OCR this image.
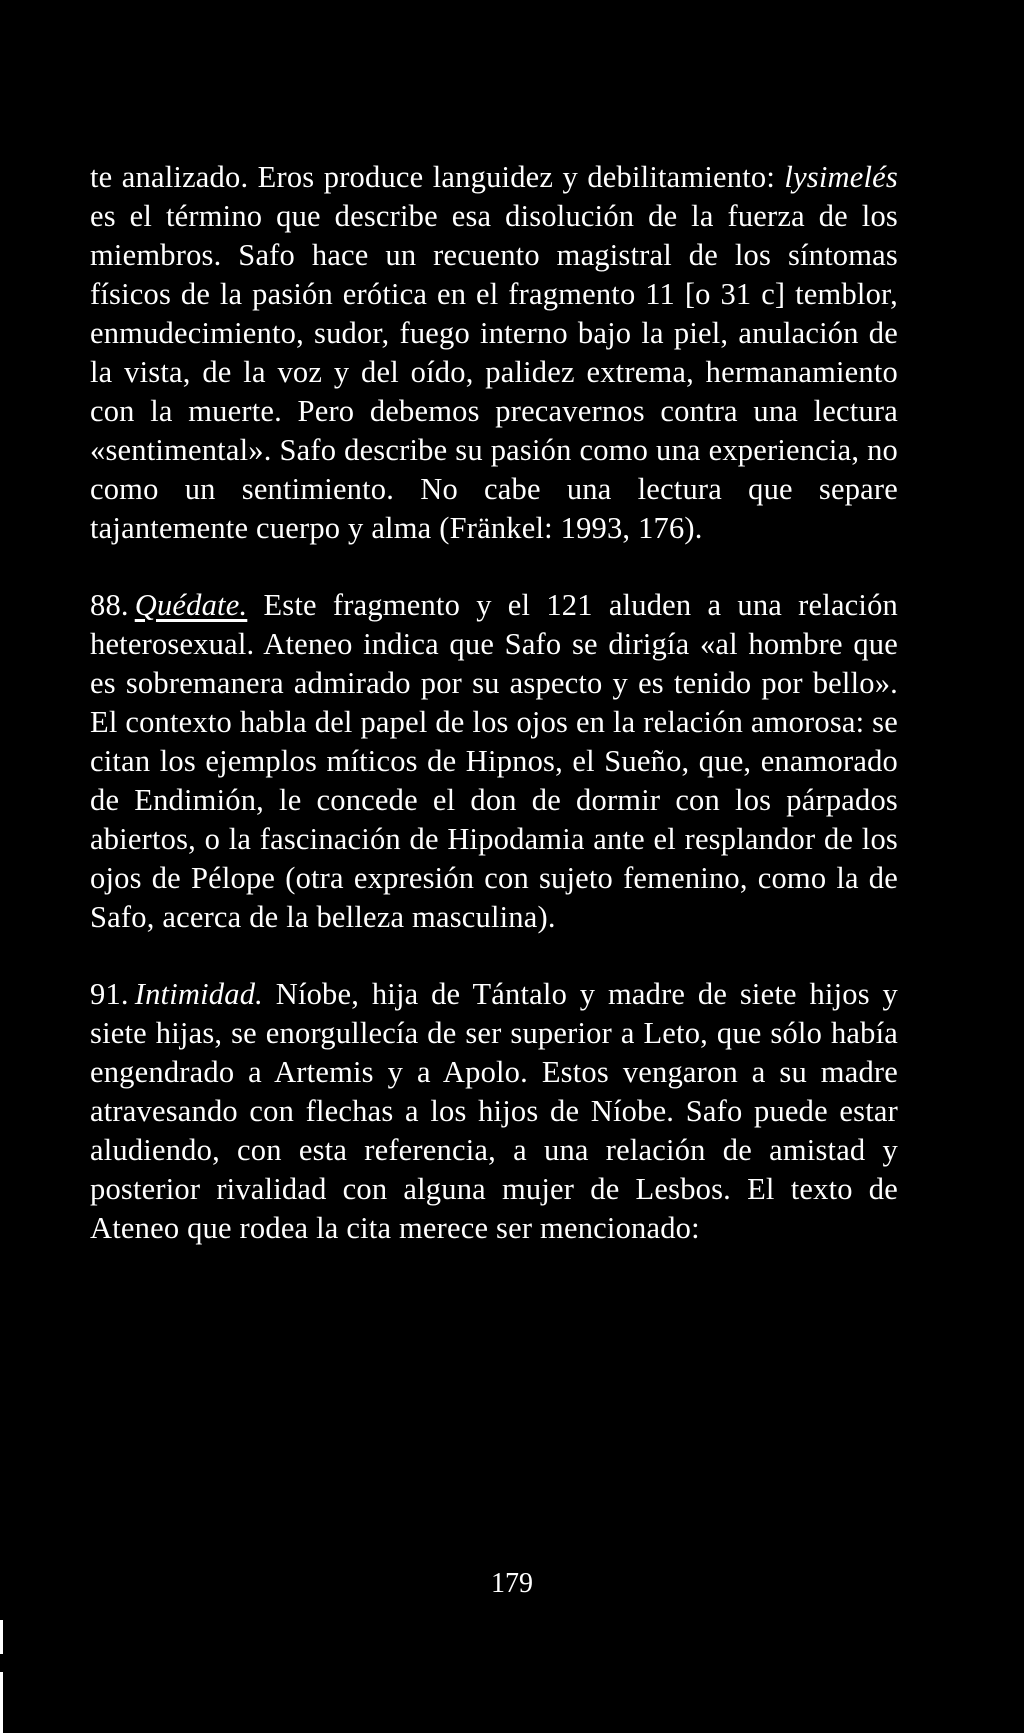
te analizado. Eros produce languidez y debilitamiento: lysimelés es el término que describe esa disolución de la fuerza de los miembros. Safo hace un recuento magistral de los síntomas físicos de la pasión erótica en el fragmento 11 [o 31 c] temblor, enmudecimiento, sudor, fuego interno bajo la piel, anulación de la vista, de la voz y del oído, palidez extrema, hermanamiento con la muerte. Pero debemos precavernos contra una lectura «sentimental». Safo describe su pasión como una experiencia, no como un sentimiento. No cabe una lectura que separe tajantemente cuerpo y alma (Fränkel: 1993, 176).

88. Quédate. Este fragmento y el 121 aluden a una relación heterosexual. Ateneo indica que Safo se dirigía «al hombre que es sobremanera admirado por su aspecto y es tenido por bello». El contexto habla del papel de los ojos en la relación amorosa: se citan los ejemplos míticos de Hipnos, el Sueño, que, enamorado de Endimión, le concede el don de dormir con los párpados abiertos, o la fascinación de Hipodamia ante el resplandor de los ojos de Pélope (otra expresión con sujeto femenino, como la de Safo, acerca de la belleza masculina).

91. Intimidad. Níobe, hija de Tántalo y madre de siete hijos y siete hijas, se enorgullecía de ser superior a Leto, que sólo había engendrado a Artemis y a Apolo. Estos vengaron a su madre atravesando con flechas a los hijos de Níobe. Safo puede estar aludiendo, con esta referencia, a una relación de amistad y posterior rivalidad con alguna mujer de Lesbos. El texto de Ateneo que rodea la cita merece ser mencionado:

179
